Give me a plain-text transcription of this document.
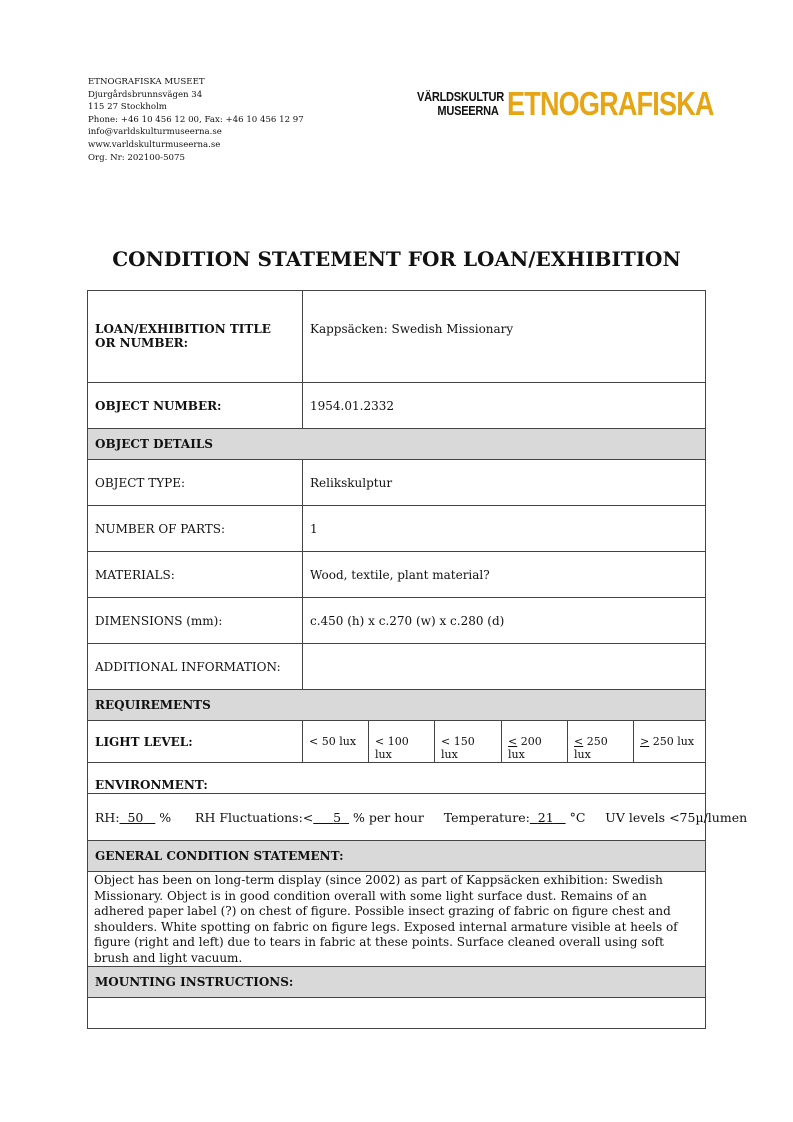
ETNOGRAFISKA MUSEET
Djurgårdsbrunnsvägen 34
115 27 Stockholm
Phone: +46 10 456 12 00, Fax: +46 10 456 12 97
info@varldskulturmuseerna.se
www.varldskulturmuseerna.se
Org. Nr: 202100-5075
VÄRLDSKULTUR
MUSEERNA ETNOGRAFISKA
CONDITION STATEMENT FOR LOAN/EXHIBITION
LOAN/EXHIBITION TITLE OR NUMBER:	Kappsäcken: Swedish Missionary					
OBJECT NUMBER:	1954.01.2332					
OBJECT DETAILS						
OBJECT TYPE:	Relikskulptur					
NUMBER OF PARTS:	1					
MATERIALS:	Wood, textile, plant material?					
DIMENSIONS (mm):	c.450 (h) x c.270 (w) x c.280 (d)					
ADDITIONAL INFORMATION:						
REQUIREMENTS						
LIGHT LEVEL:	< 50 lux	< 100 lux	< 150 lux	< 200 lux	< 250 lux	> 250 lux
ENVIRONMENT:						
RH: 50 % RH Fluctuations:< 5 % per hour Temperature: 21 °C UV levels <75µ/lumen						
GENERAL CONDITION STATEMENT:						
Object has been on long-term display (since 2002) as part of Kappsäcken exhibition: Swedish Missionary. Object is in good condition overall with some light surface dust. Remains of an adhered paper label (?) on chest of figure. Possible insect grazing of fabric on figure chest and shoulders. White spotting on fabric on figure legs. Exposed internal armature visible at heels of figure (right and left) due to tears in fabric at these points. Surface cleaned overall using soft brush and light vacuum.						
MOUNTING INSTRUCTIONS:						
